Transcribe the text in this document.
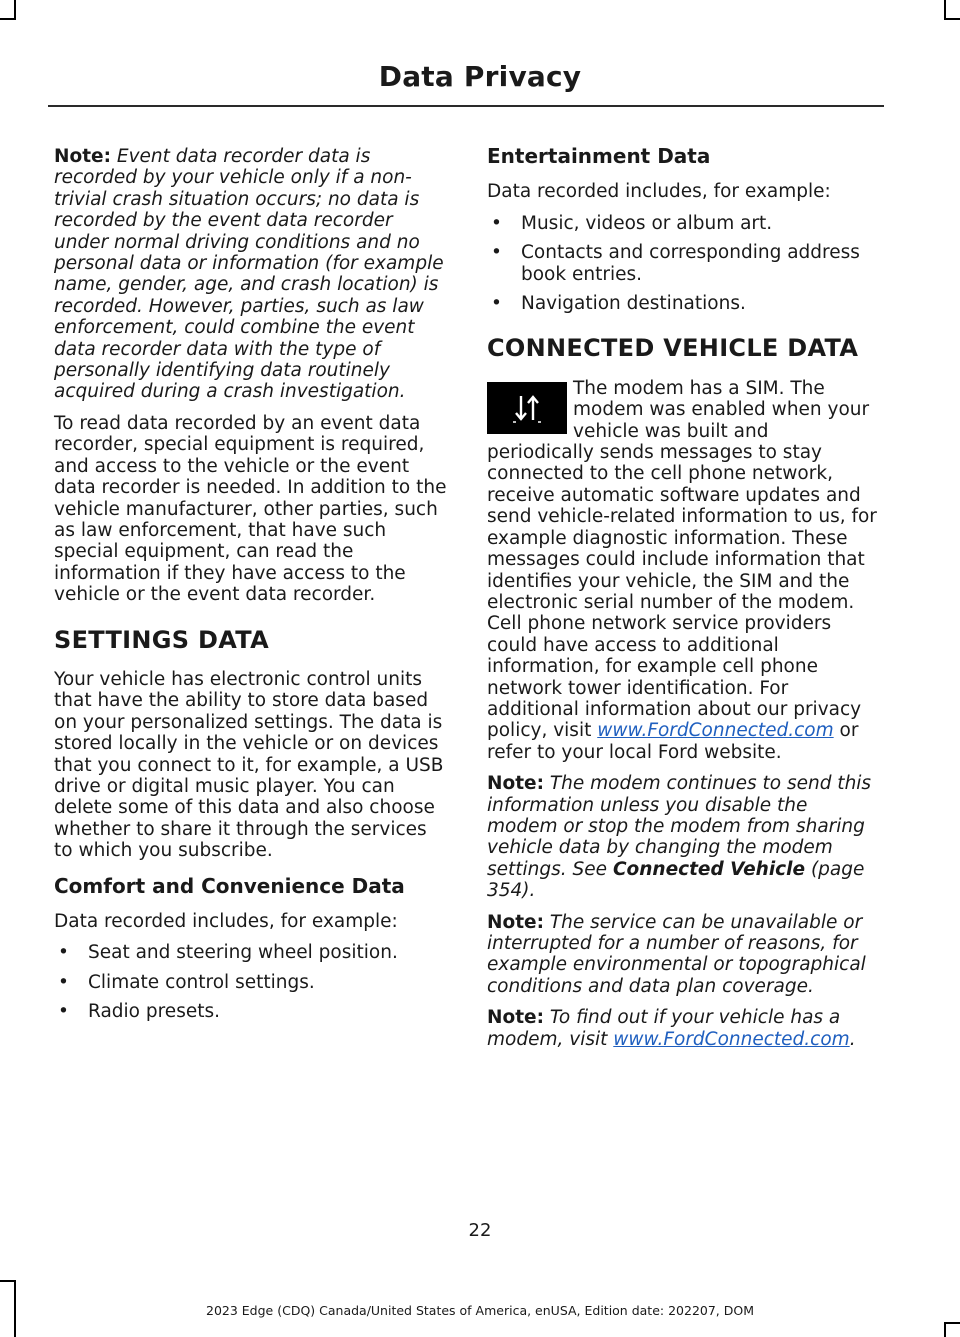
Data Privacy

Note: Event data recorder data is recorded by your vehicle only if a non-trivial crash situation occurs; no data is recorded by the event data recorder under normal driving conditions and no personal data or information (for example name, gender, age, and crash location) is recorded. However, parties, such as law enforcement, could combine the event data recorder data with the type of personally identifying data routinely acquired during a crash investigation.

To read data recorded by an event data recorder, special equipment is required, and access to the vehicle or the event data recorder is needed. In addition to the vehicle manufacturer, other parties, such as law enforcement, that have such special equipment, can read the information if they have access to the vehicle or the event data recorder.

SETTINGS DATA

Your vehicle has electronic control units that have the ability to store data based on your personalized settings. The data is stored locally in the vehicle or on devices that you connect to it, for example, a USB drive or digital music player. You can delete some of this data and also choose whether to share it through the services to which you subscribe.

Comfort and Convenience Data

Data recorded includes, for example:

• Seat and steering wheel position.
• Climate control settings.
• Radio presets.
Entertainment Data

Data recorded includes, for example:

• Music, videos or album art.
• Contacts and corresponding address book entries.
• Navigation destinations.
CONNECTED VEHICLE DATA

The modem has a SIM. The modem was enabled when your vehicle was built and periodically sends messages to stay connected to the cell phone network, receive automatic software updates and send vehicle-related information to us, for example diagnostic information. These messages could include information that identifies your vehicle, the SIM and the electronic serial number of the modem. Cell phone network service providers could have access to additional information, for example cell phone network tower identification. For additional information about our privacy policy, visit www.FordConnected.com or refer to your local Ford website.

Note: The modem continues to send this information unless you disable the modem or stop the modem from sharing vehicle data by changing the modem settings. See Connected Vehicle (page 354).

Note: The service can be unavailable or interrupted for a number of reasons, for example environmental or topographical conditions and data plan coverage.

Note: To find out if your vehicle has a modem, visit www.FordConnected.com.

22
2023 Edge (CDQ) Canada/United States of America, enUSA, Edition date: 202207, DOM
